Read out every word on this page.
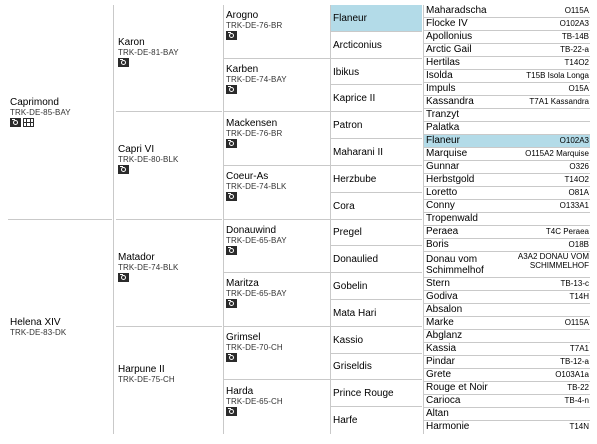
Caprimond
TRK-DE-85-BAY
Helena XIV
TRK-DE-83-DK
Karon
TRK-DE-81-BAY
Capri VI
TRK-DE-80-BLK
Matador
TRK-DE-74-BLK
Harpune II
TRK-DE-75-CH
Arogno
TRK-DE-76-BR
Karben
TRK-DE-74-BAY
Mackensen
TRK-DE-76-BR
Coeur-As
TRK-DE-74-BLK
Donauwind
TRK-DE-65-BAY
Maritza
TRK-DE-65-BAY
Grimsel
TRK-DE-70-CH
Harda
TRK-DE-65-CH
Flaneur
Arcticonius
Ibikus
Kaprice II
Patron
Maharani II
Herzbube
Cora
Pregel
Donaulied
Gobelin
Mata Hari
Kassio
Griseldis
Prince Rouge
Harfe
Maharadscha	O115A
Flocke IV	O102A3
Apollonius	TB-14B
Arctic Gail	TB-22-a
Hertilas	T14O2
Isolda	T15B Isola Longa
Impuls	O15A
Kassandra	T7A1 Kassandra
Tranzyt
Palatka
Flaneur	O102A3
Marquise	O115A2 Marquise
Gunnar	O326
Herbstgold	T14O2
Loretto	O81A
Conny	O133A1
Tropenwald
Peraea	T4C Peraea
Boris	O18B
Donau vom Schimmelhof
A3A2 DONAU VOM SCHIMMELHOF
Stern	TB-13-c
Godiva	T14H
Absalon
Marke	O115A
Abglanz
Kassia	T7A1
Pindar	TB-12-a
Grete	O103A1a
Rouge et Noir	TB-22
Carioca	TB-4-n
Altan
Harmonie	T14N
